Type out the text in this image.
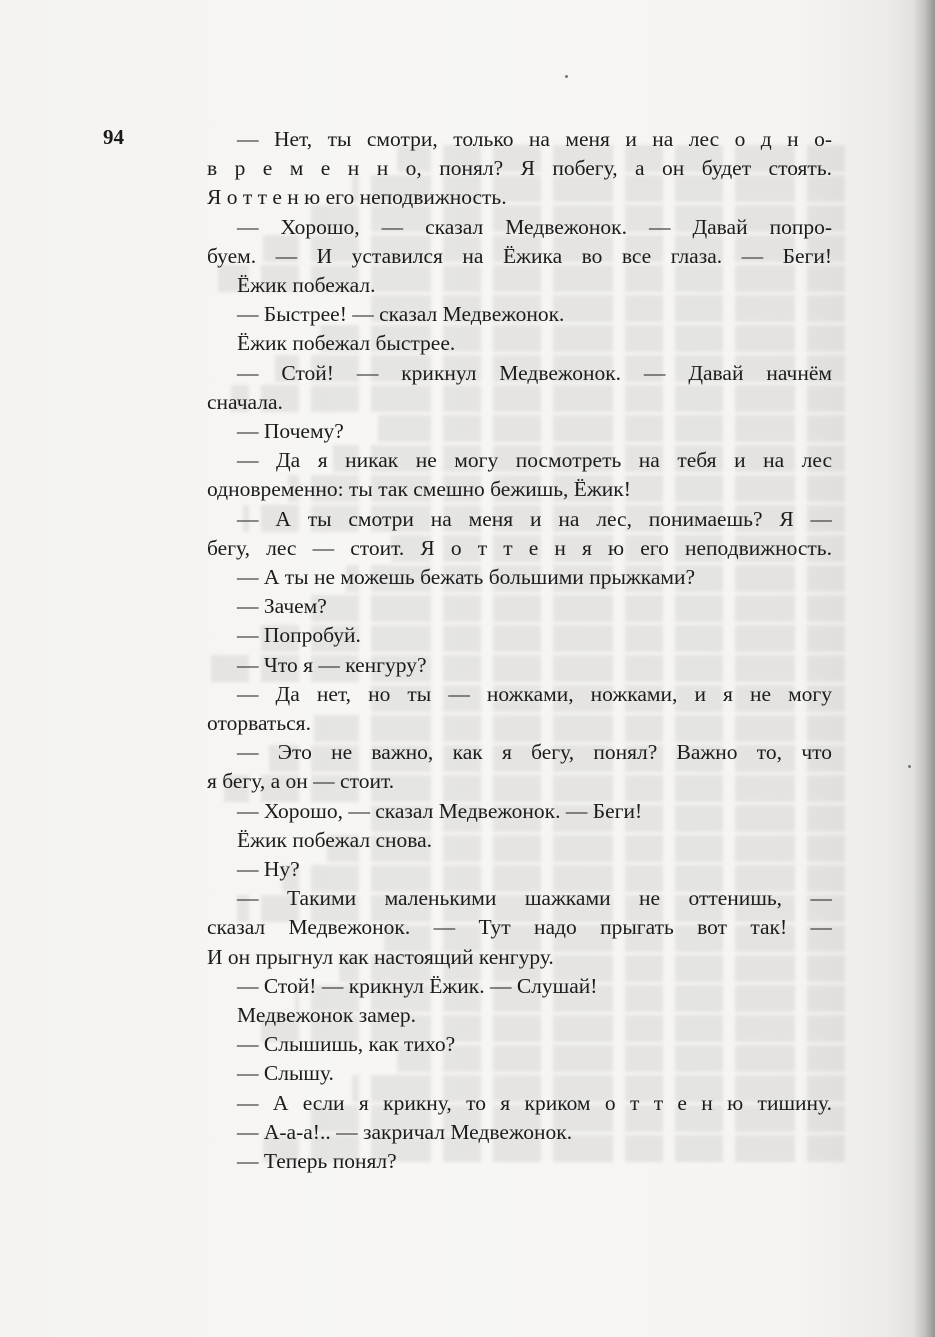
94	— Нет, ты смотри, только на меня и на лес о д н о-
в р е м е н н о, понял? Я побегу, а он будет стоять.
Я о т т е н ю его неподвижность.
— Хорошо, — сказал Медвежонок. — Давай попро-
буем. — И уставился на Ёжика во все глаза. — Беги!
Ёжик побежал.
— Быстрее! — сказал Медвежонок.
Ёжик побежал быстрее.
— Стой! — крикнул Медвежонок. — Давай начнём
сначала.
— Почему?
— Да я никак не могу посмотреть на тебя и на лес
одновременно: ты так смешно бежишь, Ёжик!
— А ты смотри на меня и на лес, понимаешь? Я —
бегу, лес — стоит. Я о т т е н я ю его неподвижность.
— А ты не можешь бежать большими прыжками?
— Зачем?
— Попробуй.
— Что я — кенгуру?
— Да нет, но ты — ножками, ножками, и я не могу
оторваться.
— Это не важно, как я бегу, понял? Важно то, что
я бегу, а он — стоит.
— Хорошо, — сказал Медвежонок. — Беги!
Ёжик побежал снова.
— Ну?
— Такими маленькими шажками не оттенишь, —
сказал Медвежонок. — Тут надо прыгать вот так! —
И он прыгнул как настоящий кенгуру.
— Стой! — крикнул Ёжик. — Слушай!
Медвежонок замер.
— Слышишь, как тихо?
— Слышу.
— А если я крикну, то я криком о т т е н ю тишину.
— А-а-а!.. — закричал Медвежонок.
— Теперь понял?
